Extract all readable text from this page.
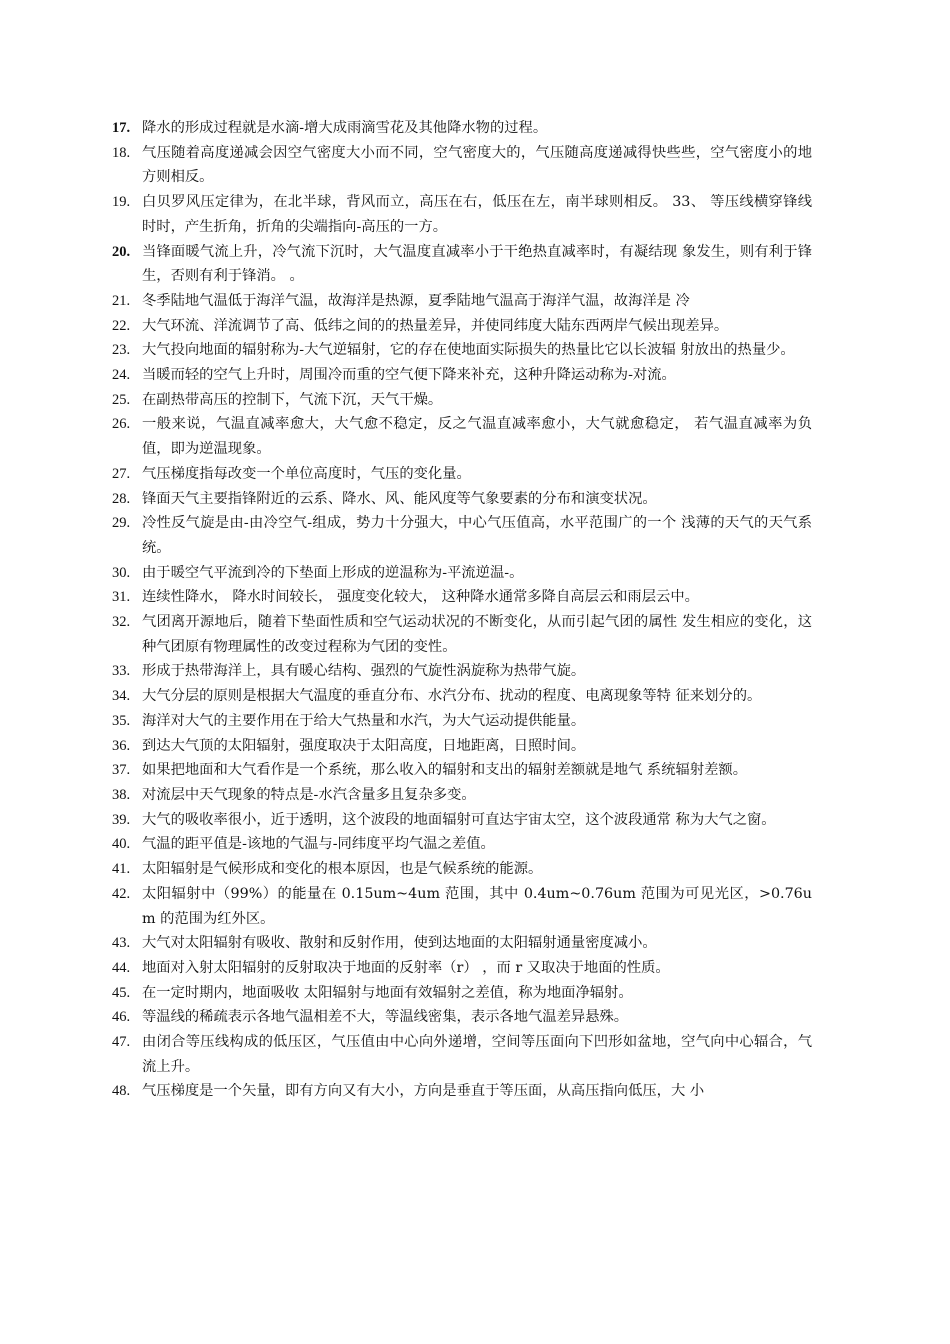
17. 降水的形成过程就是水滴-增大成雨滴雪花及其他降水物的过程。
18. 气压随着高度递减会因空气密度大小而不同，空气密度大的，气压随高度递减得快些些，空气密度小的地方则相反。
19. 白贝罗风压定律为，在北半球，背风而立，高压在右，低压在左，南半球则相反。 33、 等压线横穿锋线时时，产生折角，折角的尖端指向-高压的一方。
20. 当锋面暖气流上升，冷气流下沉时，大气温度直减率小于干绝热直减率时，有凝结现 象发生，则有利于锋生，否则有利于锋消。 。
21. 冬季陆地气温低于海洋气温，故海洋是热源，夏季陆地气温高于海洋气温，故海洋是 冷
22. 大气环流、洋流调节了高、低纬之间的的热量差异，并使同纬度大陆东西两岸气候出现差异。
23. 大气投向地面的辐射称为-大气逆辐射，它的存在使地面实际损失的热量比它以长波辐 射放出的热量少。
24. 当暖而轻的空气上升时，周围冷而重的空气便下降来补充，这种升降运动称为-对流。
25. 在副热带高压的控制下，气流下沉，天气干燥。
26. 一般来说，气温直减率愈大，大气愈不稳定，反之气温直减率愈小，大气就愈稳定， 若气温直减率为负值，即为逆温现象。
27. 气压梯度指每改变一个单位高度时，气压的变化量。
28. 锋面天气主要指锋附近的云系、降水、风、能风度等气象要素的分布和演变状况。
29. 冷性反气旋是由-由冷空气-组成，势力十分强大，中心气压值高，水平范围广的一个 浅薄的天气的天气系统。
30. 由于暖空气平流到冷的下垫面上形成的逆温称为-平流逆温-。
31. 连续性降水， 降水时间较长， 强度变化较大， 这种降水通常多降自高层云和雨层云中。
32. 气团离开源地后，随着下垫面性质和空气运动状况的不断变化，从而引起气团的属性 发生相应的变化，这种气团原有物理属性的改变过程称为气团的变性。
33. 形成于热带海洋上，具有暖心结构、强烈的气旋性涡旋称为热带气旋。
34. 大气分层的原则是根据大气温度的垂直分布、水汽分布、扰动的程度、电离现象等特 征来划分的。
35. 海洋对大气的主要作用在于给大气热量和水汽，为大气运动提供能量。
36. 到达大气顶的太阳辐射，强度取决于太阳高度，日地距离，日照时间。
37. 如果把地面和大气看作是一个系统，那么收入的辐射和支出的辐射差额就是地气 系统辐射差额。
38. 对流层中天气现象的特点是-水汽含量多且复杂多变。
39. 大气的吸收率很小，近于透明，这个波段的地面辐射可直达宇宙太空，这个波段通常 称为大气之窗。
40. 气温的距平值是-该地的气温与-同纬度平均气温之差值。
41. 太阳辐射是气候形成和变化的根本原因，也是气候系统的能源。
42. 太阳辐射中（99%）的能量在 0.15um~4um 范围，其中 0.4um~0.76um 范围为可见光区，>0.76um 的范围为红外区。
43. 大气对太阳辐射有吸收、散射和反射作用，使到达地面的太阳辐射通量密度减小。
44. 地面对入射太阳辐射的反射取决于地面的反射率（r） ，而 r 又取决于地面的性质。
45. 在一定时期内，地面吸收 太阳辐射与地面有效辐射之差值，称为地面净辐射。
46. 等温线的稀疏表示各地气温相差不大，等温线密集，表示各地气温差异悬殊。
47. 由闭合等压线构成的低压区，气压值由中心向外递增，空间等压面向下凹形如盆地，空气向中心辐合，气流上升。
48. 气压梯度是一个矢量，即有方向又有大小，方向是垂直于等压面，从高压指向低压，大 小
